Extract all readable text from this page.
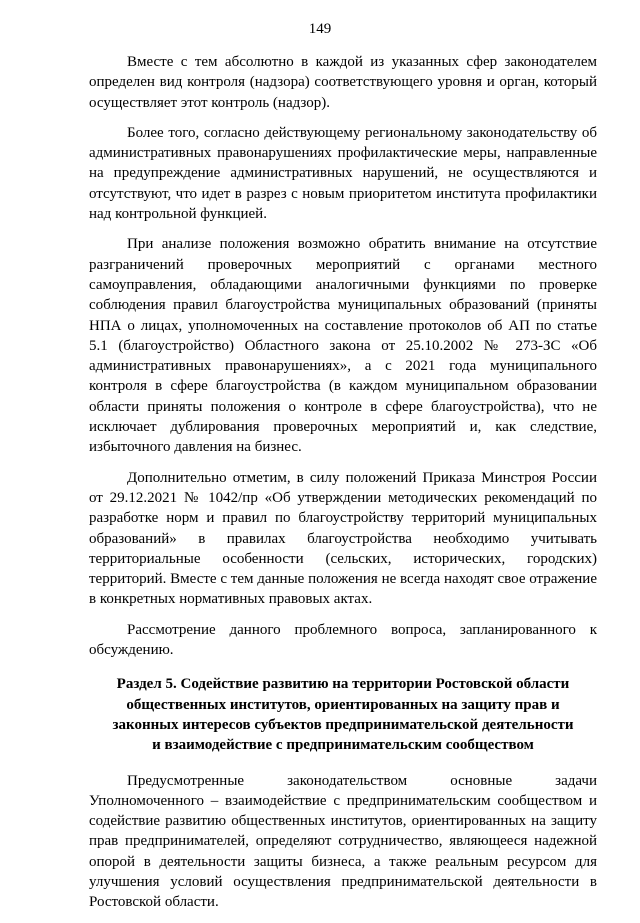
149

Вместе с тем абсолютно в каждой из указанных сфер законодателем определен вид контроля (надзора) соответствующего уровня и орган, который осуществляет этот контроль (надзор).

Более того, согласно действующему региональному законодательству об административных правонарушениях профилактические меры, направленные на предупреждение административных нарушений, не осуществляются и отсутствуют, что идет в разрез с новым приоритетом института профилактики над контрольной функцией.

При анализе положения возможно обратить внимание на отсутствие разграничений проверочных мероприятий с органами местного самоуправления, обладающими аналогичными функциями по проверке соблюдения правил благоустройства муниципальных образований (приняты НПА о лицах, уполномоченных на составление протоколов об АП по статье 5.1 (благоустройство) Областного закона от 25.10.2002 № 273-ЗС «Об административных правонарушениях», а с 2021 года муниципального контроля в сфере благоустройства (в каждом муниципальном образовании области приняты положения о контроле в сфере благоустройства), что не исключает дублирования проверочных мероприятий и, как следствие, избыточного давления на бизнес.

Дополнительно отметим, в силу положений Приказа Минстроя России от 29.12.2021 № 1042/пр «Об утверждении методических рекомендаций по разработке норм и правил по благоустройству территорий муниципальных образований» в правилах благоустройства необходимо учитывать территориальные особенности (сельских, исторических, городских) территорий. Вместе с тем данные положения не всегда находят свое отражение в конкретных нормативных правовых актах.

Рассмотрение данного проблемного вопроса, запланированного к обсуждению.

Раздел 5. Содействие развитию на территории Ростовской области
общественных институтов, ориентированных на защиту прав и
законных интересов субъектов предпринимательской деятельности
и взаимодействие с предпринимательским сообществом

Предусмотренные законодательством основные задачи Уполномоченного – взаимодействие с предпринимательским сообществом и содействие развитию общественных институтов, ориентированных на защиту прав предпринимателей, определяют сотрудничество, являющееся надежной опорой в деятельности защиты бизнеса, а также реальным ресурсом для улучшения условий осуществления предпринимательской деятельности в Ростовской области.
